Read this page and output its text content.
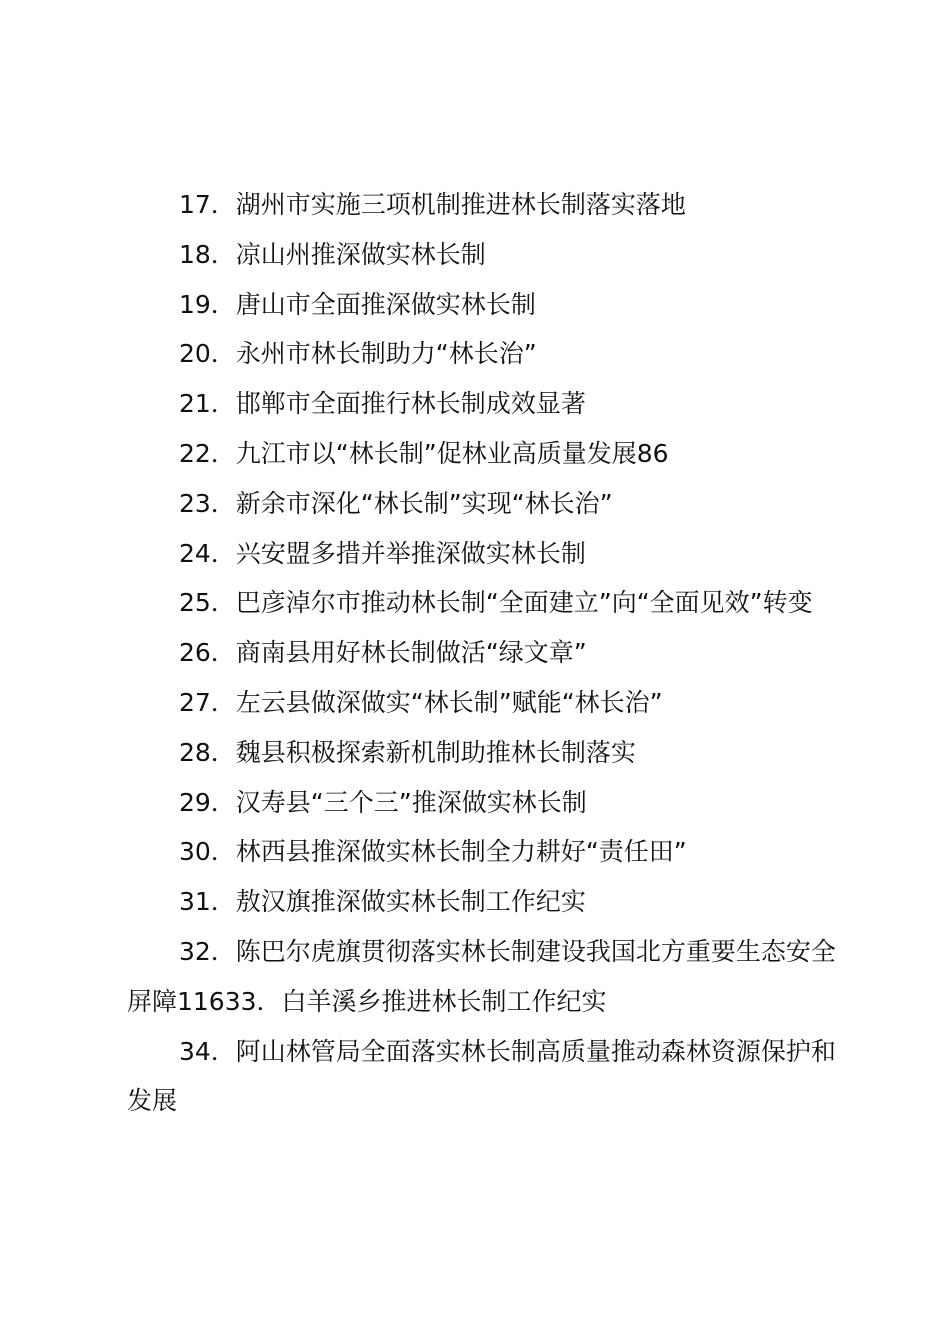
17．湖州市实施三项机制推进林长制落实落地

18．凉山州推深做实林长制

19．唐山市全面推深做实林长制

20．永州市林长制助力“林长治”

21．邯郸市全面推行林长制成效显著

22．九江市以“林长制”促林业高质量发展86

23．新余市深化“林长制”实现“林长治”

24．兴安盟多措并举推深做实林长制

25．巴彦淖尔市推动林长制“全面建立”向“全面见效”转变

26．商南县用好林长制做活“绿文章”

27．左云县做深做实“林长制”赋能“林长治”

28．魏县积极探索新机制助推林长制落实

29．汉寿县“三个三”推深做实林长制

30．林西县推深做实林长制全力耕好“责任田”

31．敖汉旗推深做实林长制工作纪实

32．陈巴尔虎旗贯彻落实林长制建设我国北方重要生态安全屏障11633．白羊溪乡推进林长制工作纪实

34．阿山林管局全面落实林长制高质量推动森林资源保护和发展
